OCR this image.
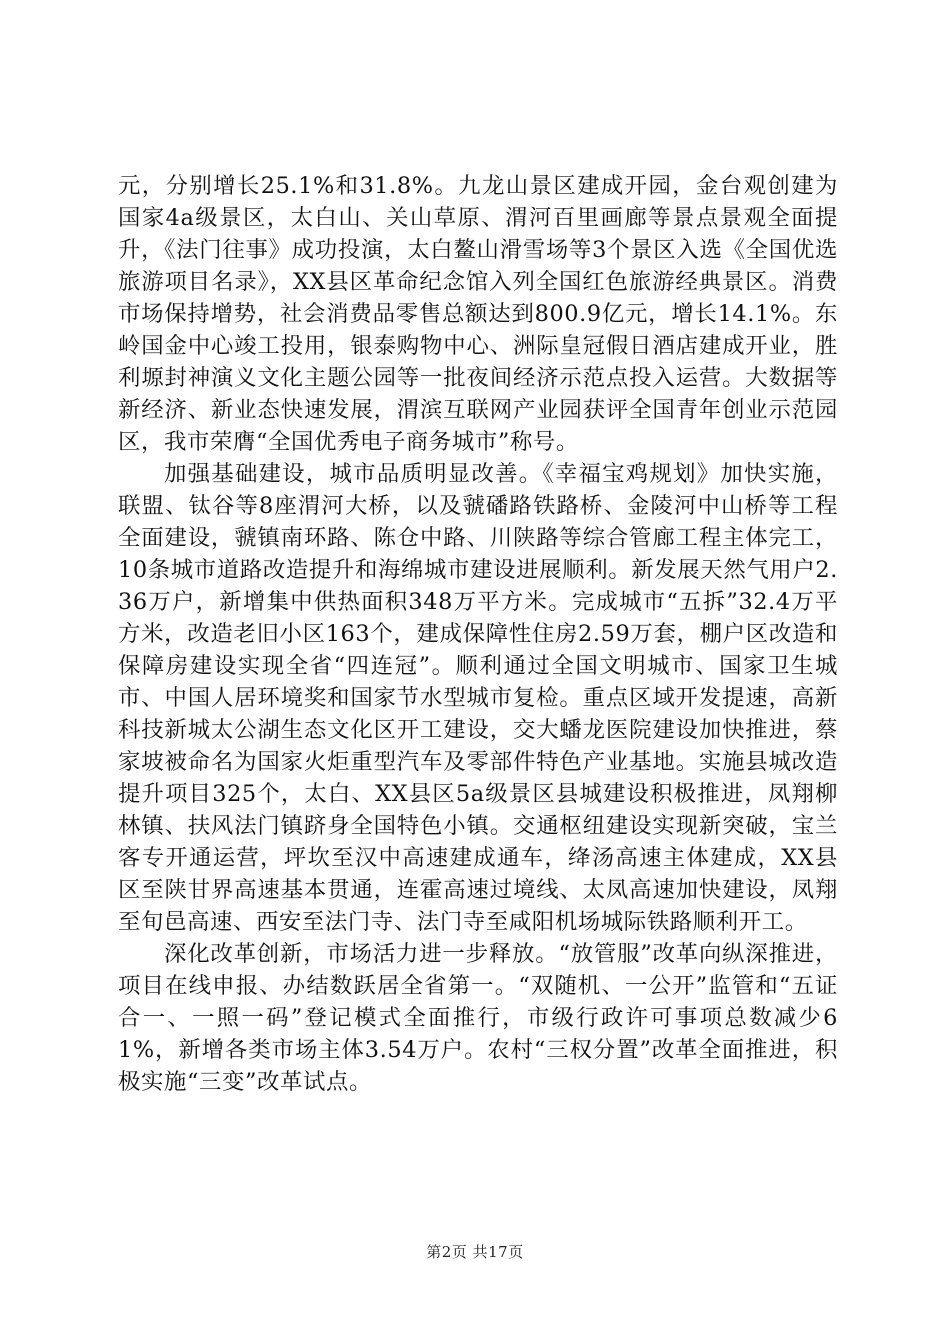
元，分别增长25.1%和31.8%。九龙山景区建成开园，金台观创建为国家4a级景区，太白山、关山草原、渭河百里画廊等景点景观全面提升，《法门往事》成功投演，太白鳌山滑雪场等3个景区入选《全国优选旅游项目名录》，XX县区革命纪念馆入列全国红色旅游经典景区。消费市场保持增势，社会消费品零售总额达到800.9亿元，增长14.1%。东岭国金中心竣工投用，银泰购物中心、洲际皇冠假日酒店建成开业，胜利塬封神演义文化主题公园等一批夜间经济示范点投入运营。大数据等新经济、新业态快速发展，渭滨互联网产业园获评全国青年创业示范园区，我市荣膺“全国优秀电子商务城市”称号。

加强基础建设，城市品质明显改善。《幸福宝鸡规划》加快实施，联盟、钛谷等8座渭河大桥，以及虢磻路铁路桥、金陵河中山桥等工程全面建设，虢镇南环路、陈仓中路、川陕路等综合管廊工程主体完工，10条城市道路改造提升和海绵城市建设进展顺利。新发展天然气用户2.36万户，新增集中供热面积348万平方米。完成城市“五拆”32.4万平方米，改造老旧小区163个，建成保障性住房2.59万套，棚户区改造和保障房建设实现全省“四连冠”。顺利通过全国文明城市、国家卫生城市、中国人居环境奖和国家节水型城市复检。重点区域开发提速，高新科技新城太公湖生态文化区开工建设，交大蟠龙医院建设加快推进，蔡家坡被命名为国家火炬重型汽车及零部件特色产业基地。实施县城改造提升项目325个，太白、XX县区5a级景区县城建设积极推进，凤翔柳林镇、扶风法门镇跻身全国特色小镇。交通枢纽建设实现新突破，宝兰客专开通运营，坪坎至汉中高速建成通车，绛汤高速主体建成，XX县区至陕甘界高速基本贯通，连霍高速过境线、太凤高速加快建设，凤翔至旬邑高速、西安至法门寺、法门寺至咸阳机场城际铁路顺利开工。

深化改革创新，市场活力进一步释放。“放管服”改革向纵深推进，项目在线申报、办结数跃居全省第一。“双随机、一公开”监管和“五证合一、一照一码”登记模式全面推行，市级行政许可事项总数减少61%，新增各类市场主体3.54万户。农村“三权分置”改革全面推进，积极实施“三变”改革试点。

第2页 共17页
